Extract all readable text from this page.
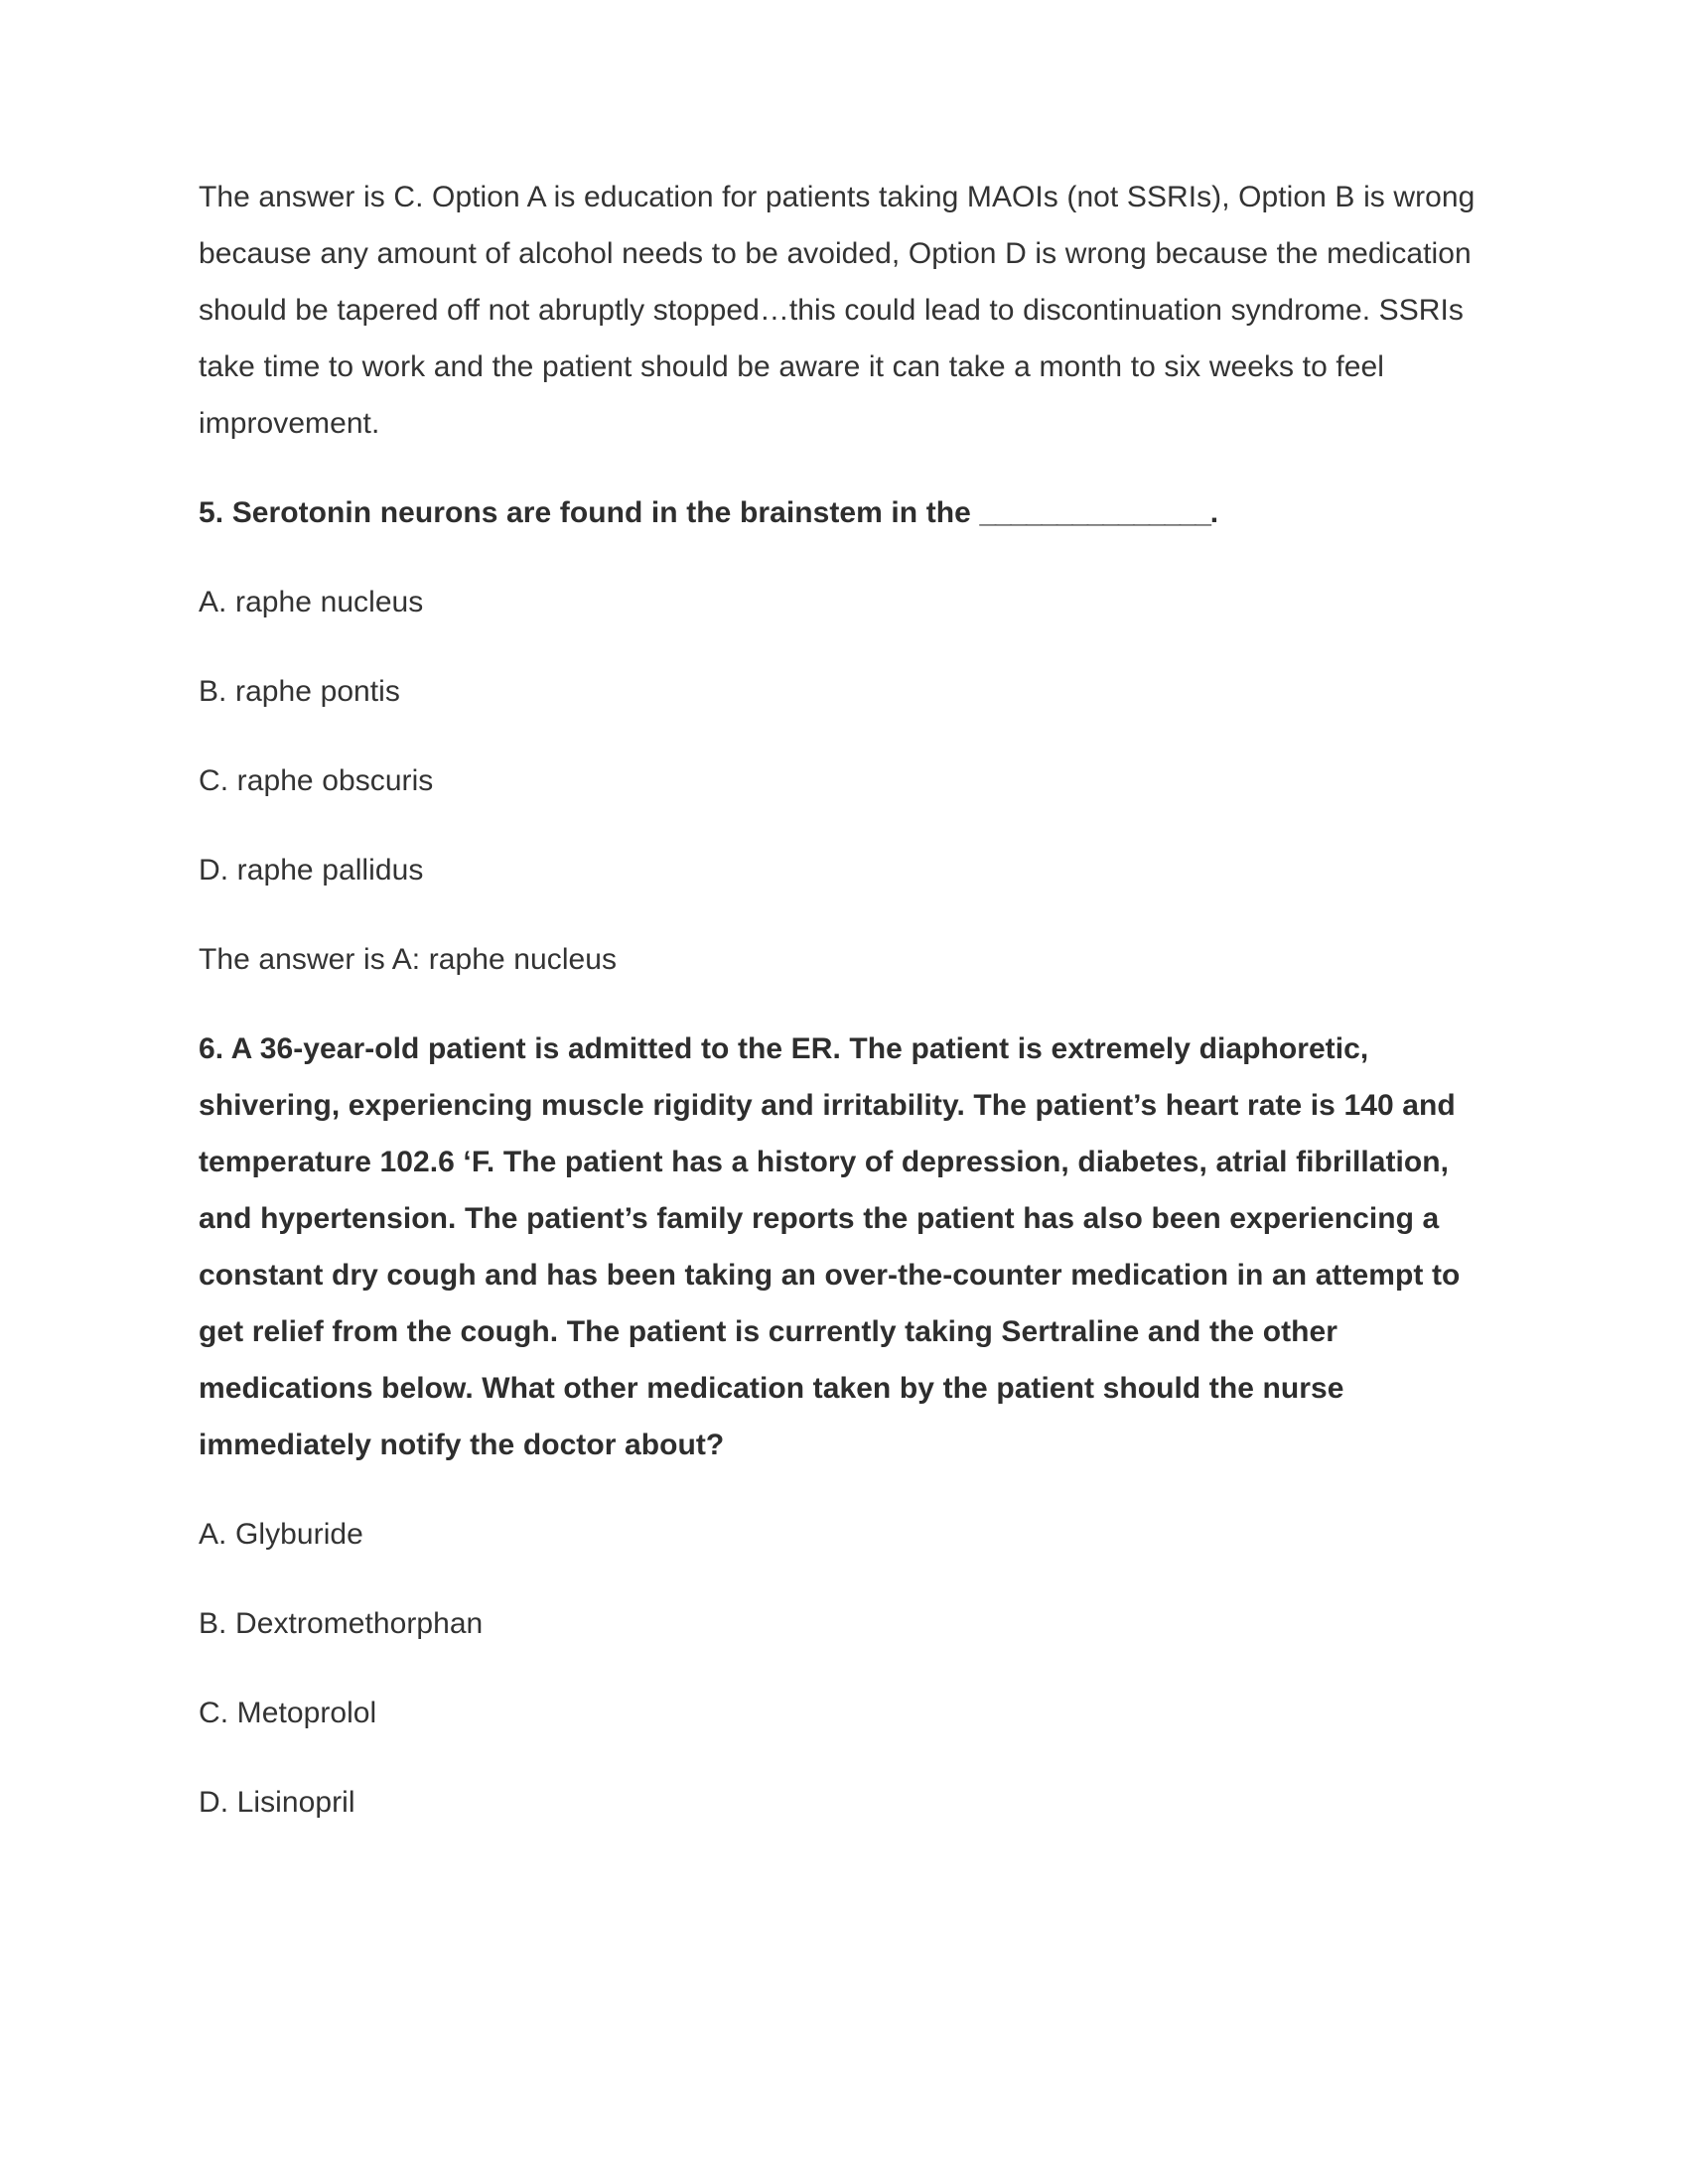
The answer is C. Option A is education for patients taking MAOIs (not SSRIs), Option B is wrong because any amount of alcohol needs to be avoided, Option D is wrong because the medication should be tapered off not abruptly stopped…this could lead to discontinuation syndrome. SSRIs take time to work and the patient should be aware it can take a month to six weeks to feel improvement.

5. Serotonin neurons are found in the brainstem in the _______________.

A. raphe nucleus

B. raphe pontis

C. raphe obscuris

D. raphe pallidus

The answer is A: raphe nucleus

6. A 36-year-old patient is admitted to the ER. The patient is extremely diaphoretic, shivering, experiencing muscle rigidity and irritability. The patient’s heart rate is 140 and temperature 102.6 ‘F. The patient has a history of depression, diabetes, atrial fibrillation, and hypertension. The patient’s family reports the patient has also been experiencing a constant dry cough and has been taking an over-the-counter medication in an attempt to get relief from the cough. The patient is currently taking Sertraline and the other medications below. What other medication taken by the patient should the nurse immediately notify the doctor about?

A. Glyburide

B. Dextromethorphan

C. Metoprolol

D. Lisinopril
